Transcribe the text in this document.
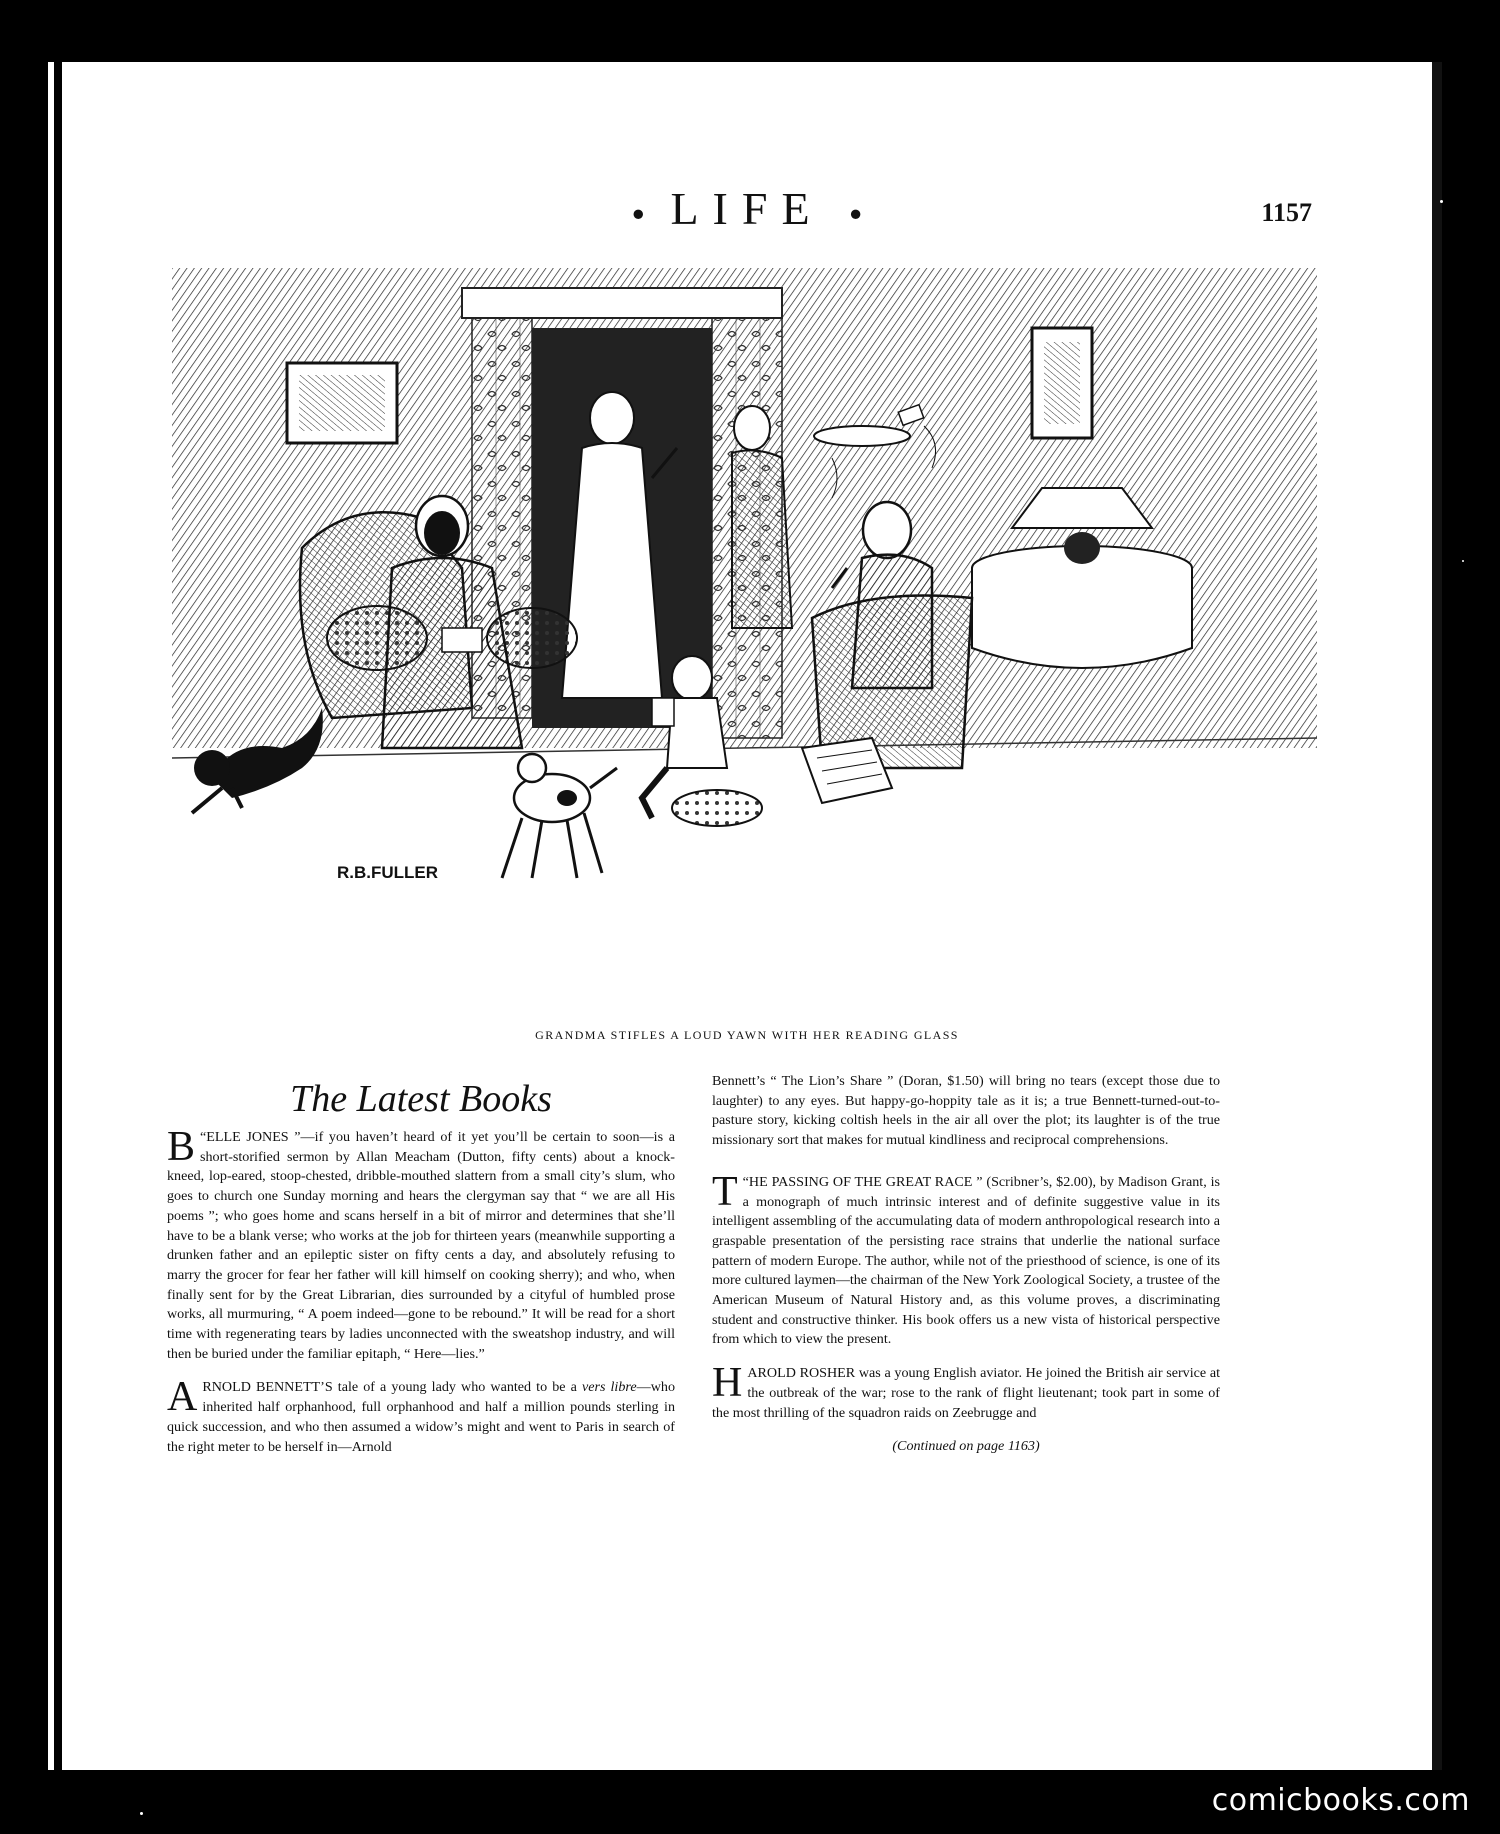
● LIFE ●	1157
R.B.FULLER
GRANDMA STIFLES A LOUD YAWN WITH HER READING GLASS
The Latest Books

B “ELLE JONES ”—if you haven’t heard of it yet you’ll be certain to soon—is a short-storified sermon by Allan Meacham (Dutton, fifty cents) about a knock-kneed, lop-eared, stoop-chested, dribble-mouthed slattern from a small city’s slum, who goes to church one Sunday morning and hears the clergyman say that “ we are all His poems ”; who goes home and scans herself in a bit of mirror and determines that she’ll have to be a blank verse; who works at the job for thirteen years (meanwhile supporting a drunken father and an epileptic sister on fifty cents a day, and absolutely refusing to marry the grocer for fear her father will kill himself on cooking sherry); and who, when finally sent for by the Great Librarian, dies surrounded by a cityful of humbled prose works, all murmuring, “ A poem indeed—gone to be rebound.” It will be read for a short time with regenerating tears by ladies unconnected with the sweatshop industry, and will then be buried under the familiar epitaph, “ Here—lies.”

ARNOLD BENNETT’S tale of a young lady who wanted to be a vers libre—who inherited half orphanhood, full orphanhood and half a million pounds sterling in quick succession, and who then assumed a widow’s might and went to Paris in search of the right meter to be herself in—Arnold

Bennett’s “ The Lion’s Share ” (Doran, $1.50) will bring no tears (except those due to laughter) to any eyes. But happy-go-hoppity tale as it is; a true Bennett-turned-out-to-pasture story, kicking coltish heels in the air all over the plot; its laughter is of the true missionary sort that makes for mutual kindliness and reciprocal comprehensions.

T “HE PASSING OF THE GREAT RACE ” (Scribner’s, $2.00), by Madison Grant, is a monograph of much intrinsic interest and of definite suggestive value in its intelligent assembling of the accumulating data of modern anthropological research into a graspable presentation of the persisting race strains that underlie the national surface pattern of modern Europe. The author, while not of the priesthood of science, is one of its more cultured laymen—the chairman of the New York Zoological Society, a trustee of the American Museum of Natural History and, as this volume proves, a discriminating student and constructive thinker. His book offers us a new vista of historical perspective from which to view the present.

HAROLD ROSHER was a young English aviator. He joined the British air service at the outbreak of the war; rose to the rank of flight lieutenant; took part in some of the most thrilling of the squadron raids on Zeebrugge and

(Continued on page 1163)

comicbooks.com
